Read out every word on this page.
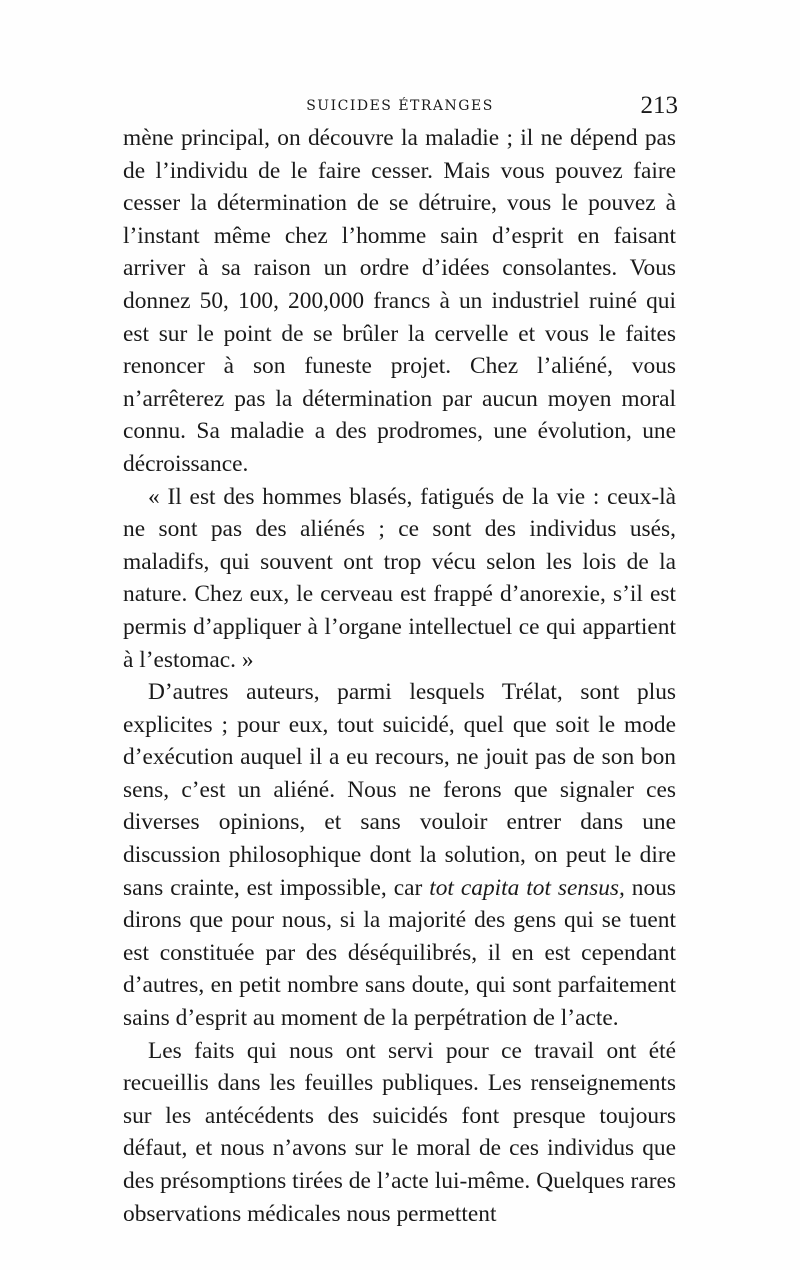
SUICIDES ÉTRANGES	213

mène principal, on découvre la maladie ; il ne dépend pas de l’individu de le faire cesser. Mais vous pouvez faire cesser la détermination de se détruire, vous le pouvez à l’instant même chez l’homme sain d’esprit en faisant arriver à sa raison un ordre d’idées consolantes. Vous donnez 50, 100, 200,000 francs à un industriel ruiné qui est sur le point de se brûler la cervelle et vous le faites renoncer à son funeste projet. Chez l’aliéné, vous n’arrêterez pas la détermination par aucun moyen moral connu. Sa maladie a des prodromes, une évolution, une décroissance.

« Il est des hommes blasés, fatigués de la vie : ceux-là ne sont pas des aliénés ; ce sont des individus usés, maladifs, qui souvent ont trop vécu selon les lois de la nature. Chez eux, le cerveau est frappé d’anorexie, s’il est permis d’appliquer à l’organe intellectuel ce qui appartient à l’estomac. »

D’autres auteurs, parmi lesquels Trélat, sont plus explicites ; pour eux, tout suicidé, quel que soit le mode d’exécution auquel il a eu recours, ne jouit pas de son bon sens, c’est un aliéné. Nous ne ferons que signaler ces diverses opinions, et sans vouloir entrer dans une discussion philosophique dont la solution, on peut le dire sans crainte, est impossible, car tot capita tot sensus, nous dirons que pour nous, si la majorité des gens qui se tuent est constituée par des déséquilibrés, il en est cependant d’autres, en petit nombre sans doute, qui sont parfaitement sains d’esprit au moment de la perpétration de l’acte.

Les faits qui nous ont servi pour ce travail ont été recueillis dans les feuilles publiques. Les renseignements sur les antécédents des suicidés font presque toujours défaut, et nous n’avons sur le moral de ces individus que des présomptions tirées de l’acte lui-même. Quelques rares observations médicales nous permettent
